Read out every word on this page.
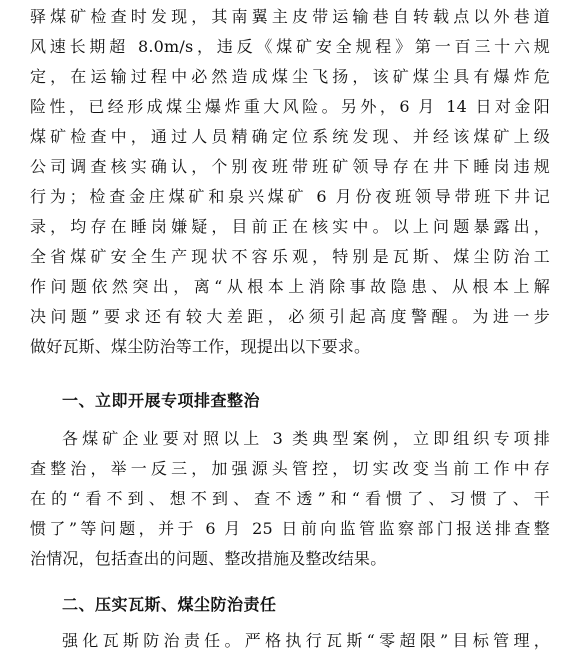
驿煤矿检查时发现，其南翼主皮带运输巷自转载点以外巷道
风速长期超 8.0m/s，违反《煤矿安全规程》第一百三十六规
定，在运输过程中必然造成煤尘飞扬，该矿煤尘具有爆炸危
险性，已经形成煤尘爆炸重大风险。另外，6 月 14 日对金阳
煤矿检查中，通过人员精确定位系统发现、并经该煤矿上级
公司调查核实确认，个别夜班带班矿领导存在井下睡岗违规
行为；检查金庄煤矿和泉兴煤矿 6 月份夜班领导带班下井记
录，均存在睡岗嫌疑，目前正在核实中。以上问题暴露出，
全省煤矿安全生产现状不容乐观，特别是瓦斯、煤尘防治工
作问题依然突出，离“从根本上消除事故隐患、从根本上解
决问题”要求还有较大差距，必须引起高度警醒。为进一步
做好瓦斯、煤尘防治等工作，现提出以下要求。
一、立即开展专项排查整治
各煤矿企业要对照以上 3 类典型案例，立即组织专项排
查整治，举一反三，加强源头管控，切实改变当前工作中存
在的“看不到、想不到、查不透”和“看惯了、习惯了、干
惯了”等问题，并于 6 月 25 日前向监管监察部门报送排查整
治情况，包括查出的问题、整改措施及整改结果。
二、压实瓦斯、煤尘防治责任
强化瓦斯防治责任。严格执行瓦斯“零超限”目标管理，
